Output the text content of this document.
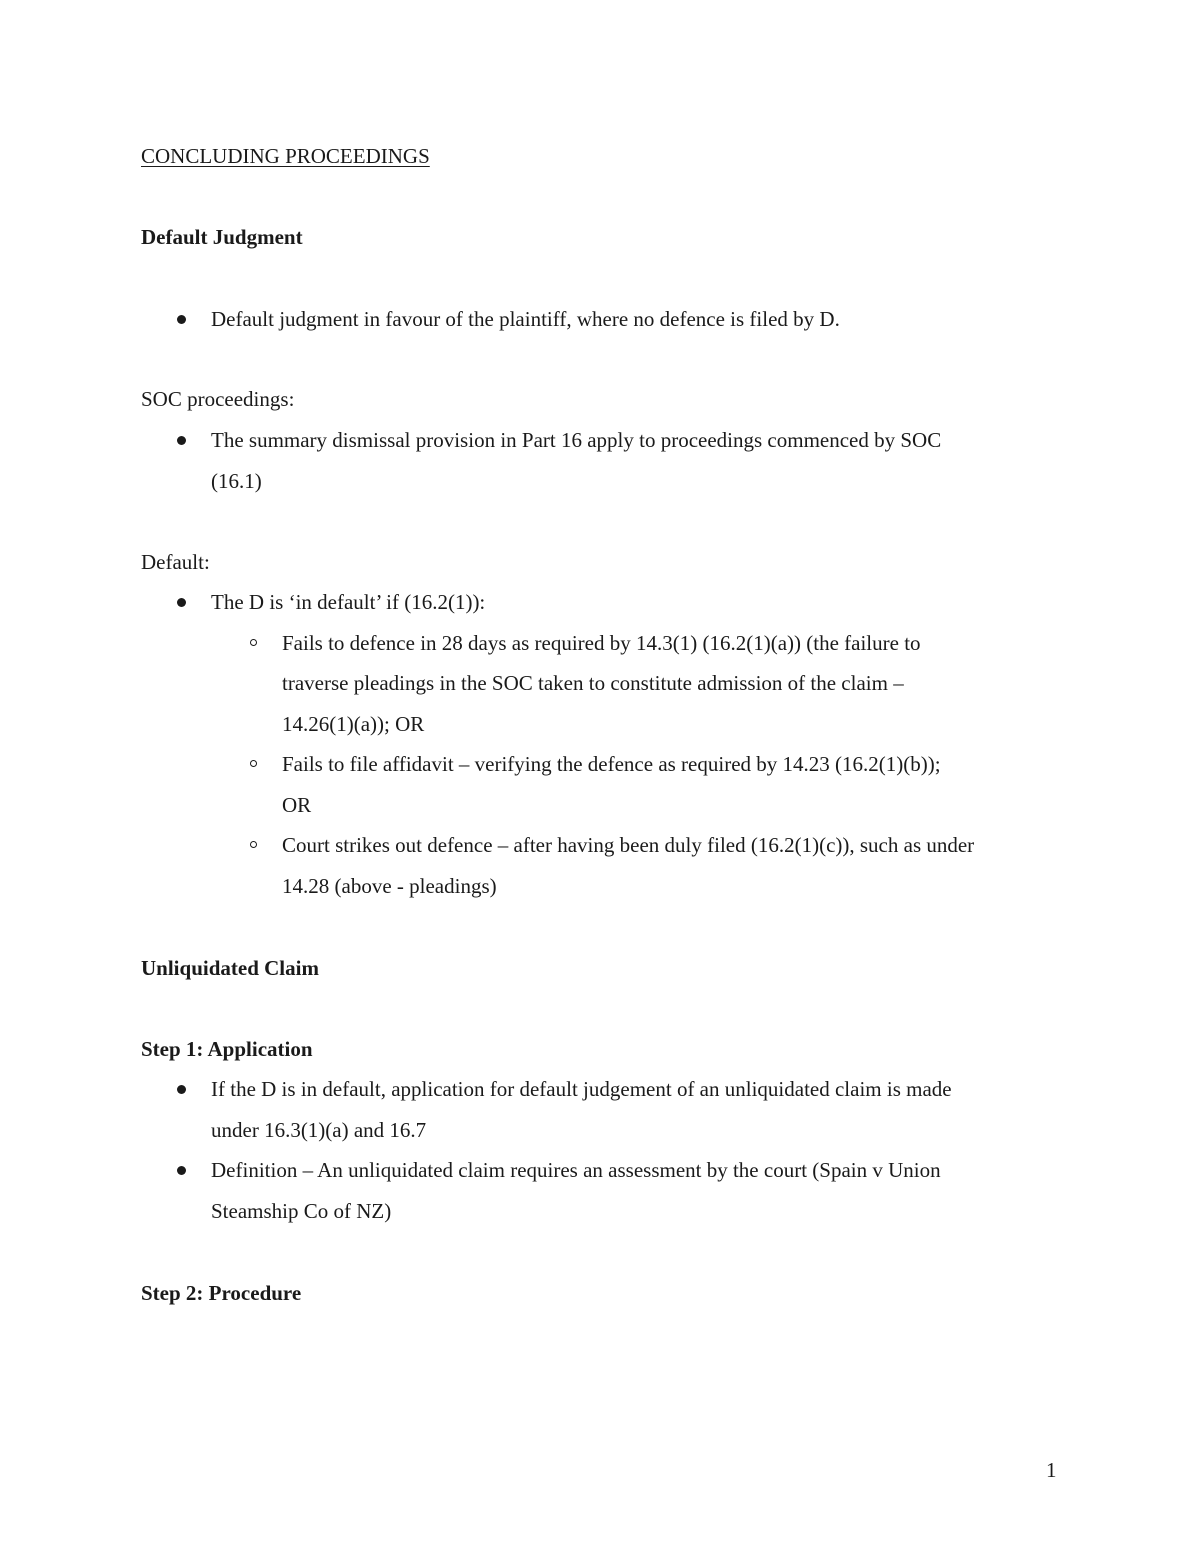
CONCLUDING PROCEEDINGS
Default Judgment
Default judgment in favour of the plaintiff, where no defence is filed by D.
SOC proceedings:
The summary dismissal provision in Part 16 apply to proceedings commenced by SOC
(16.1)
Default:
The D is ‘in default’ if (16.2(1)):
Fails to defence in 28 days as required by 14.3(1) (16.2(1)(a)) (the failure to
traverse pleadings in the SOC taken to constitute admission of the claim –
14.26(1)(a)); OR
Fails to file affidavit – verifying the defence as required by 14.23 (16.2(1)(b));
OR
Court strikes out defence – after having been duly filed (16.2(1)(c)), such as under
14.28 (above - pleadings)
Unliquidated Claim
Step 1: Application
If the D is in default, application for default judgement of an unliquidated claim is made
under 16.3(1)(a) and 16.7
Definition – An unliquidated claim requires an assessment by the court (Spain v Union
Steamship Co of NZ)
Step 2: Procedure
1
